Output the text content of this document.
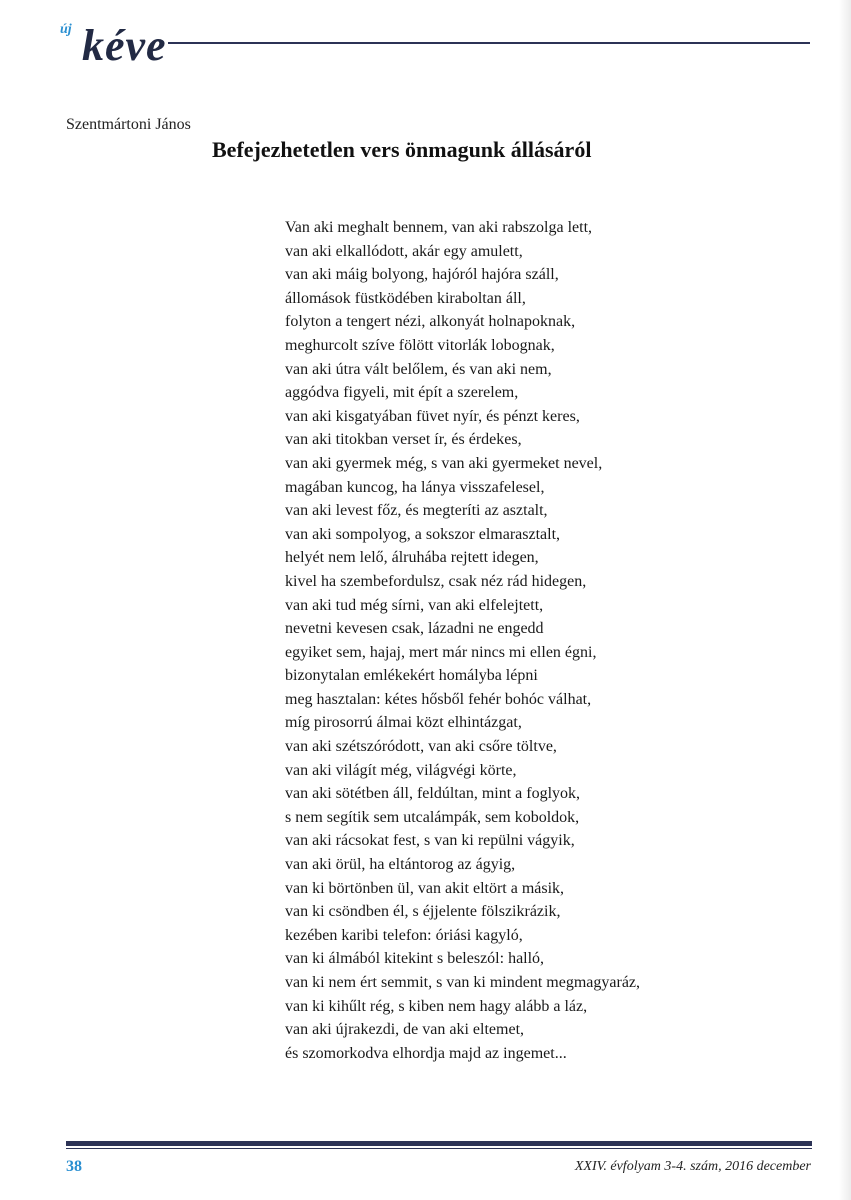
új kéve
Szentmártoni János
Befejezhetetlen vers önmagunk állásáról
Van aki meghalt bennem, van aki rabszolga lett,
van aki elkallódott, akár egy amulett,
van aki máig bolyong, hajóról hajóra száll,
állomások füstködében kiraboltan áll,
folyton a tengert nézi, alkonyát holnapoknak,
meghurcolt szíve fölött vitorlák lobognak,
van aki útra vált belőlem, és van aki nem,
aggódva figyeli, mit épít a szerelem,
van aki kisgatyában füvet nyír, és pénzt keres,
van aki titokban verset ír, és érdekes,
van aki gyermek még, s van aki gyermeket nevel,
magában kuncog, ha lánya visszafelesel,
van aki levest főz, és megteríti az asztalt,
van aki sompolyog, a sokszor elmarasztalt,
helyét nem lelő, álruhába rejtett idegen,
kivel ha szembefordulsz, csak néz rád hidegen,
van aki tud még sírni, van aki elfelejtett,
nevetni kevesen csak, lázadni ne engedd
egyiket sem, hajaj, mert már nincs mi ellen égni,
bizonytalan emlékekért homályba lépni
meg hasztalan: kétes hősből fehér bohóc válhat,
míg pirosorrú álmai közt elhintázgat,
van aki szétszóródott, van aki csőre töltve,
van aki világít még, világvégi körte,
van aki sötétben áll, feldúltan, mint a foglyok,
s nem segítik sem utcalámpák, sem koboldok,
van aki rácsokat fest, s van ki repülni vágyik,
van aki örül, ha eltántorog az ágyig,
van ki börtönben ül, van akit eltört a másik,
van ki csöndben él, s éjjelente fölszikrázik,
kezében karibi telefon: óriási kagyló,
van ki álmából kitekint s beleszól: halló,
van ki nem ért semmit, s van ki mindent megmagyaráz,
van ki kihűlt rég, s kiben nem hagy alább a láz,
van aki újrakezdi, de van aki eltemet,
és szomorkodva elhordja majd az ingemet...
38	XXIV. évfolyam 3-4. szám, 2016 december
